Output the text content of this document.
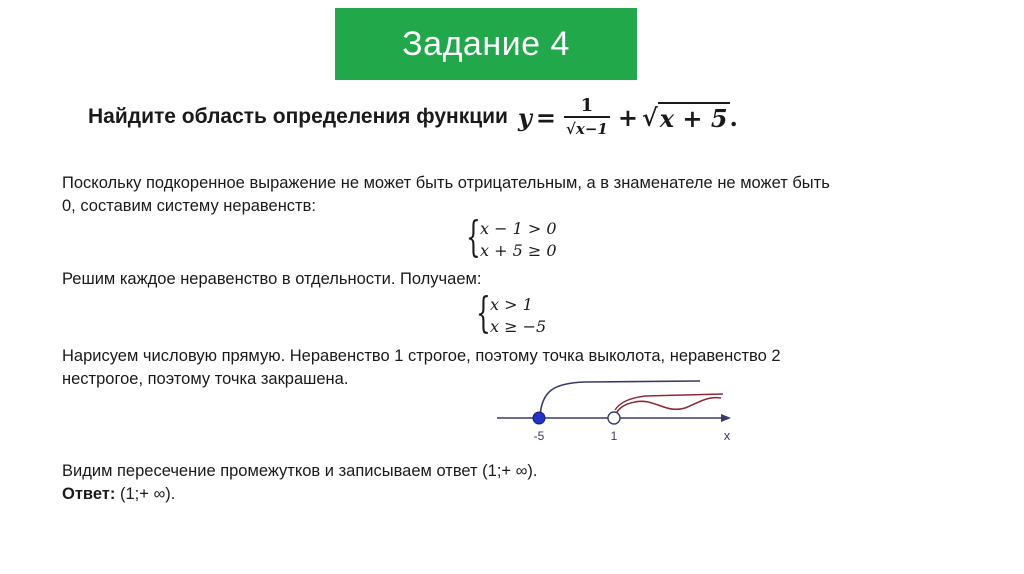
Задание 4
Найдите область определения функции $y = \frac{1}{√x-1}$ + √ x + 5 .
Поскольку подкоренное выражение не может быть отрицательным, а в знаменателе не может быть
0, составим систему неравенств:
{ x − 1 > 0
x + 5 ≥ 0
Решим каждое неравенство в отдельности. Получаем:
{ x > 1
x ≥ −5
Нарисуем числовую прямую. Неравенство 1 строгое, поэтому точка выколота, неравенство 2
нестрогое, поэтому точка закрашена.
-5	1	x
Видим пересечение промежутков и записываем ответ (1;+ ∞).
Ответ: (1;+ ∞).
